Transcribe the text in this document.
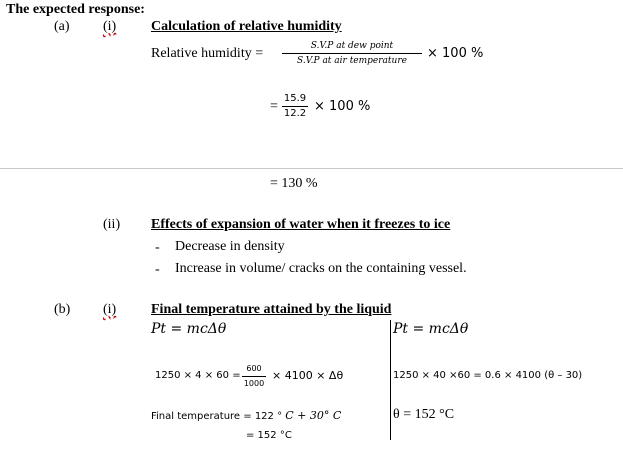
The expected response:
(a) (i) Calculation of relative humidity
Relative humidity =	S.V.P at dew point
S.V.P at air temperature	× 100 %
=
15.9
12.2 × 100 %
= 130 %
(ii) Effects of expansion of water when it freezes to ice
- Decrease in density
- Increase in volume/ cracks on the containing vessel.
(b) (i) Final temperature attained by the liquid
Pt = mcΔθ	Pt = mcΔθ
1250 × 4 × 60 =
600
1000
× 4100 × Δθ	1250 × 40 ×60 = 0.6 × 4100 (θ – 30)
Final temperature = 122 ° C + 30° C
= 152 °C
θ = 152 °C
